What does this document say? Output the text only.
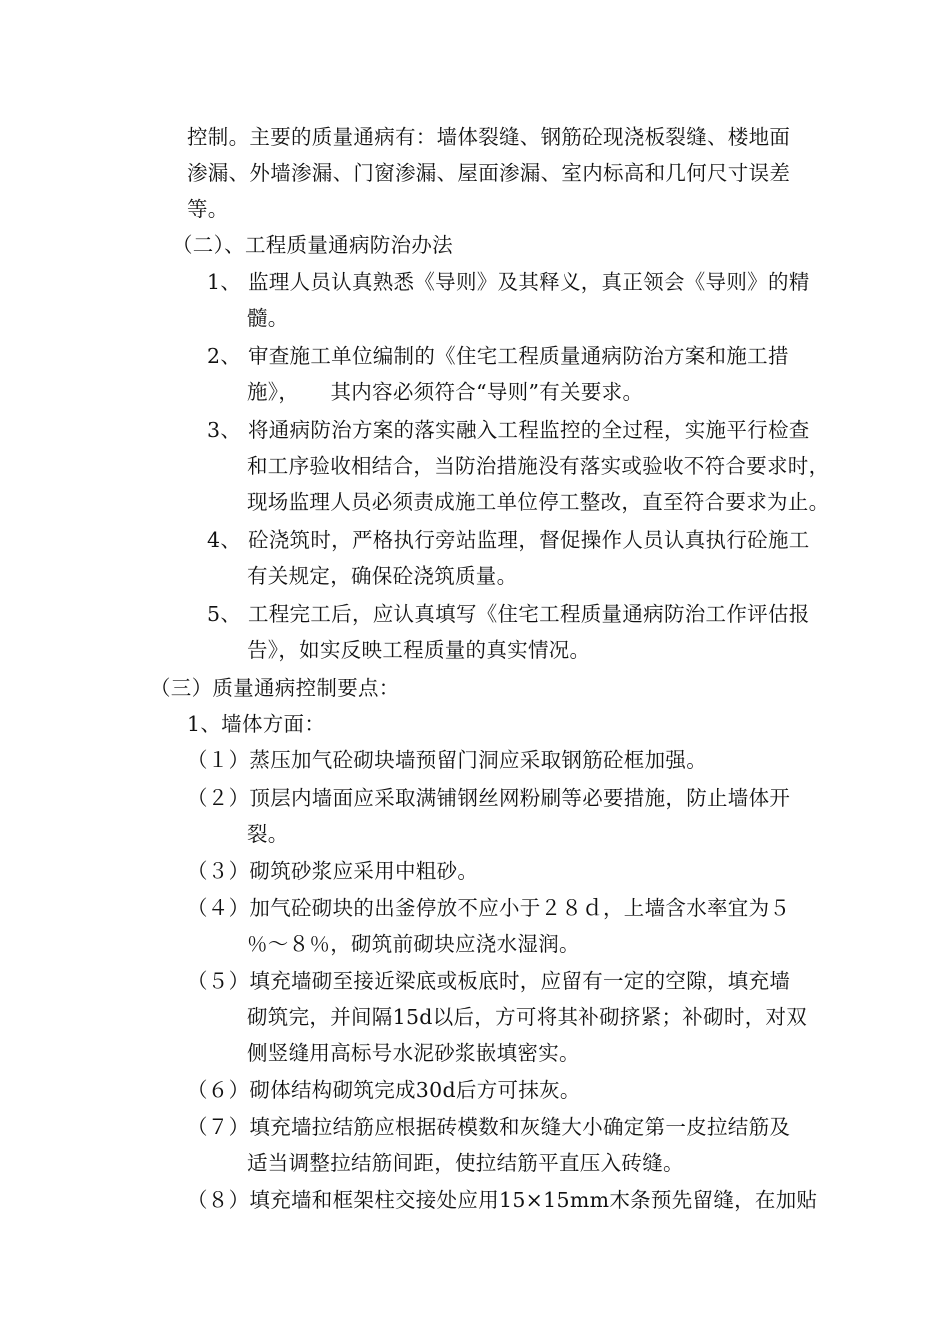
控制。主要的质量通病有：墙体裂缝、钢筋砼现浇板裂缝、楼地面
渗漏、外墙渗漏、门窗渗漏、屋面渗漏、室内标高和几何尺寸误差
等。
（二）、工程质量通病防治办法
1、 监理人员认真熟悉《导则》及其释义，真正领会《导则》的精
髓。
2、 审查施工单位编制的《住宅工程质量通病防治方案和施工措
施》，　　其内容必须符合“导则”有关要求。
3、 将通病防治方案的落实融入工程监控的全过程，实施平行检查
和工序验收相结合，当防治措施没有落实或验收不符合要求时，
现场监理人员必须责成施工单位停工整改，直至符合要求为止。
4、 砼浇筑时，严格执行旁站监理，督促操作人员认真执行砼施工
有关规定，确保砼浇筑质量。
5、 工程完工后，应认真填写《住宅工程质量通病防治工作评估报
告》，如实反映工程质量的真实情况。
（三）质量通病控制要点：
1、墙体方面：
（１）蒸压加气砼砌块墙预留门洞应采取钢筋砼框加强。
（２）顶层内墙面应采取满铺钢丝网粉刷等必要措施，防止墙体开
裂。
（３）砌筑砂浆应采用中粗砂。
（４）加气砼砌块的出釜停放不应小于２８ｄ，上墙含水率宜为５
％～８％，砌筑前砌块应浇水湿润。
（５）填充墙砌至接近梁底或板底时，应留有一定的空隙，填充墙
砌筑完，并间隔15d以后，方可将其补砌挤紧；补砌时，对双
侧竖缝用高标号水泥砂浆嵌填密实。
（６）砌体结构砌筑完成30d后方可抹灰。
（７）填充墙拉结筋应根据砖模数和灰缝大小确定第一皮拉结筋及
适当调整拉结筋间距，使拉结筋平直压入砖缝。
（８）填充墙和框架柱交接处应用15×15mm木条预先留缝，在加贴
